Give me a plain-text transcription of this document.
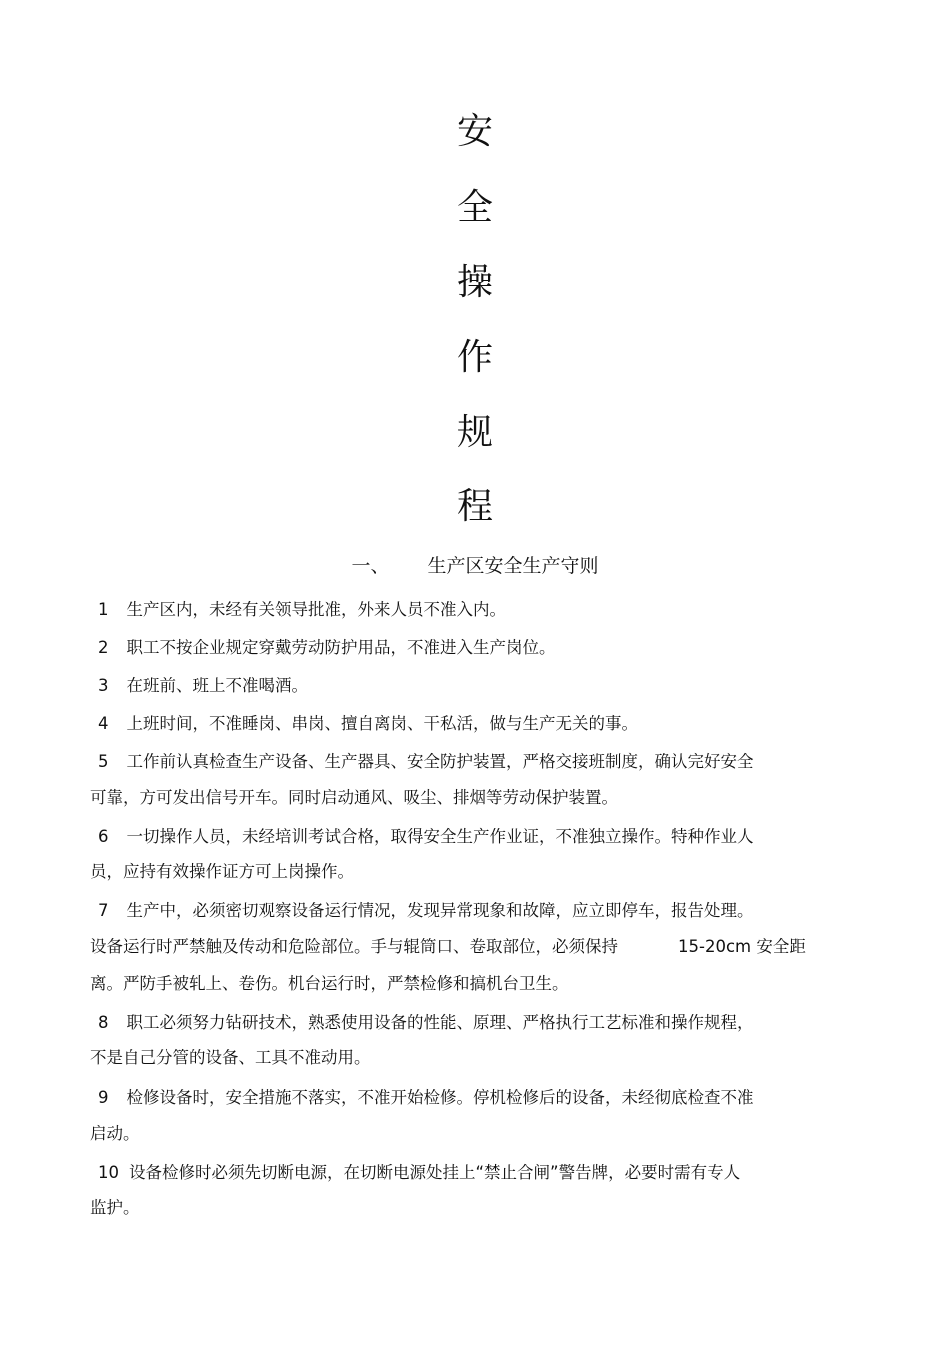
安
全
操
作
规
程
一、 生产区安全生产守则
1 生产区内，未经有关领导批准，外来人员不准入内。
2 职工不按企业规定穿戴劳动防护用品，不准进入生产岗位。
3 在班前、班上不准喝酒。
4 上班时间，不准睡岗、串岗、擅自离岗、干私活，做与生产无关的事。
5 工作前认真检查生产设备、生产器具、安全防护装置，严格交接班制度，确认完好安全
可靠，方可发出信号开车。同时启动通风、吸尘、排烟等劳动保护装置。
6 一切操作人员，未经培训考试合格，取得安全生产作业证，不准独立操作。特种作业人
员，应持有效操作证方可上岗操作。
7 生产中，必须密切观察设备运行情况，发现异常现象和故障，应立即停车，报告处理。
设备运行时严禁触及传动和危险部位。手与辊筒口、卷取部位，必须保持	15-20cm 安全距
离。严防手被轧上、卷伤。机台运行时，严禁检修和搞机台卫生。
8 职工必须努力钻研技术，熟悉使用设备的性能、原理、严格执行工艺标准和操作规程，
不是自己分管的设备、工具不准动用。
9 检修设备时，安全措施不落实，不准开始检修。停机检修后的设备，未经彻底检查不准
启动。
10 设备检修时必须先切断电源，在切断电源处挂上“禁止合闸”警告牌，必要时需有专人
监护。
